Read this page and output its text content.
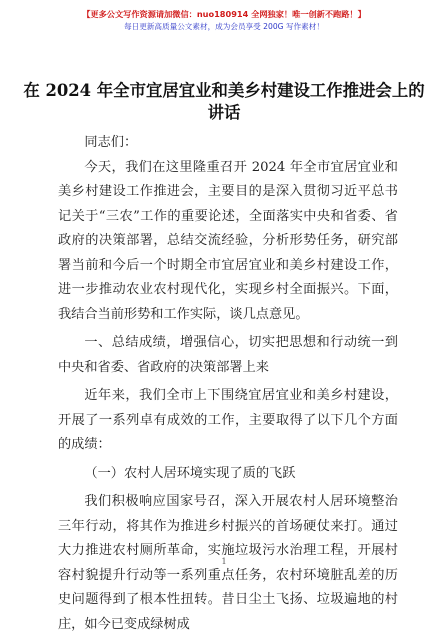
【更多公文写作资源请加微信：nuo180914 全网独家！唯一创新不跑路！】
每日更新高质量公文素材，成为会员享受 200G 写作素材！
在 2024 年全市宜居宜业和美乡村建设工作推进会上的讲话

同志们：

今天，我们在这里隆重召开 2024 年全市宜居宜业和美乡村建设工作推进会，主要目的是深入贯彻习近平总书记关于“三农”工作的重要论述，全面落实中央和省委、省政府的决策部署，总结交流经验，分析形势任务，研究部署当前和今后一个时期全市宜居宜业和美乡村建设工作，进一步推动农业农村现代化，实现乡村全面振兴。下面，我结合当前形势和工作实际，谈几点意见。

一、总结成绩，增强信心，切实把思想和行动统一到中央和省委、省政府的决策部署上来

近年来，我们全市上下围绕宜居宜业和美乡村建设，开展了一系列卓有成效的工作，主要取得了以下几个方面的成绩：

（一）农村人居环境实现了质的飞跃

我们积极响应国家号召，深入开展农村人居环境整治三年行动，将其作为推进乡村振兴的首场硬仗来打。通过大力推进农村厕所革命，实施垃圾污水治理工程，开展村容村貌提升行动等一系列重点任务，农村环境脏乱差的历史问题得到了根本性扭转。昔日尘土飞扬、垃圾遍地的村庄，如今已变成绿树成

1
